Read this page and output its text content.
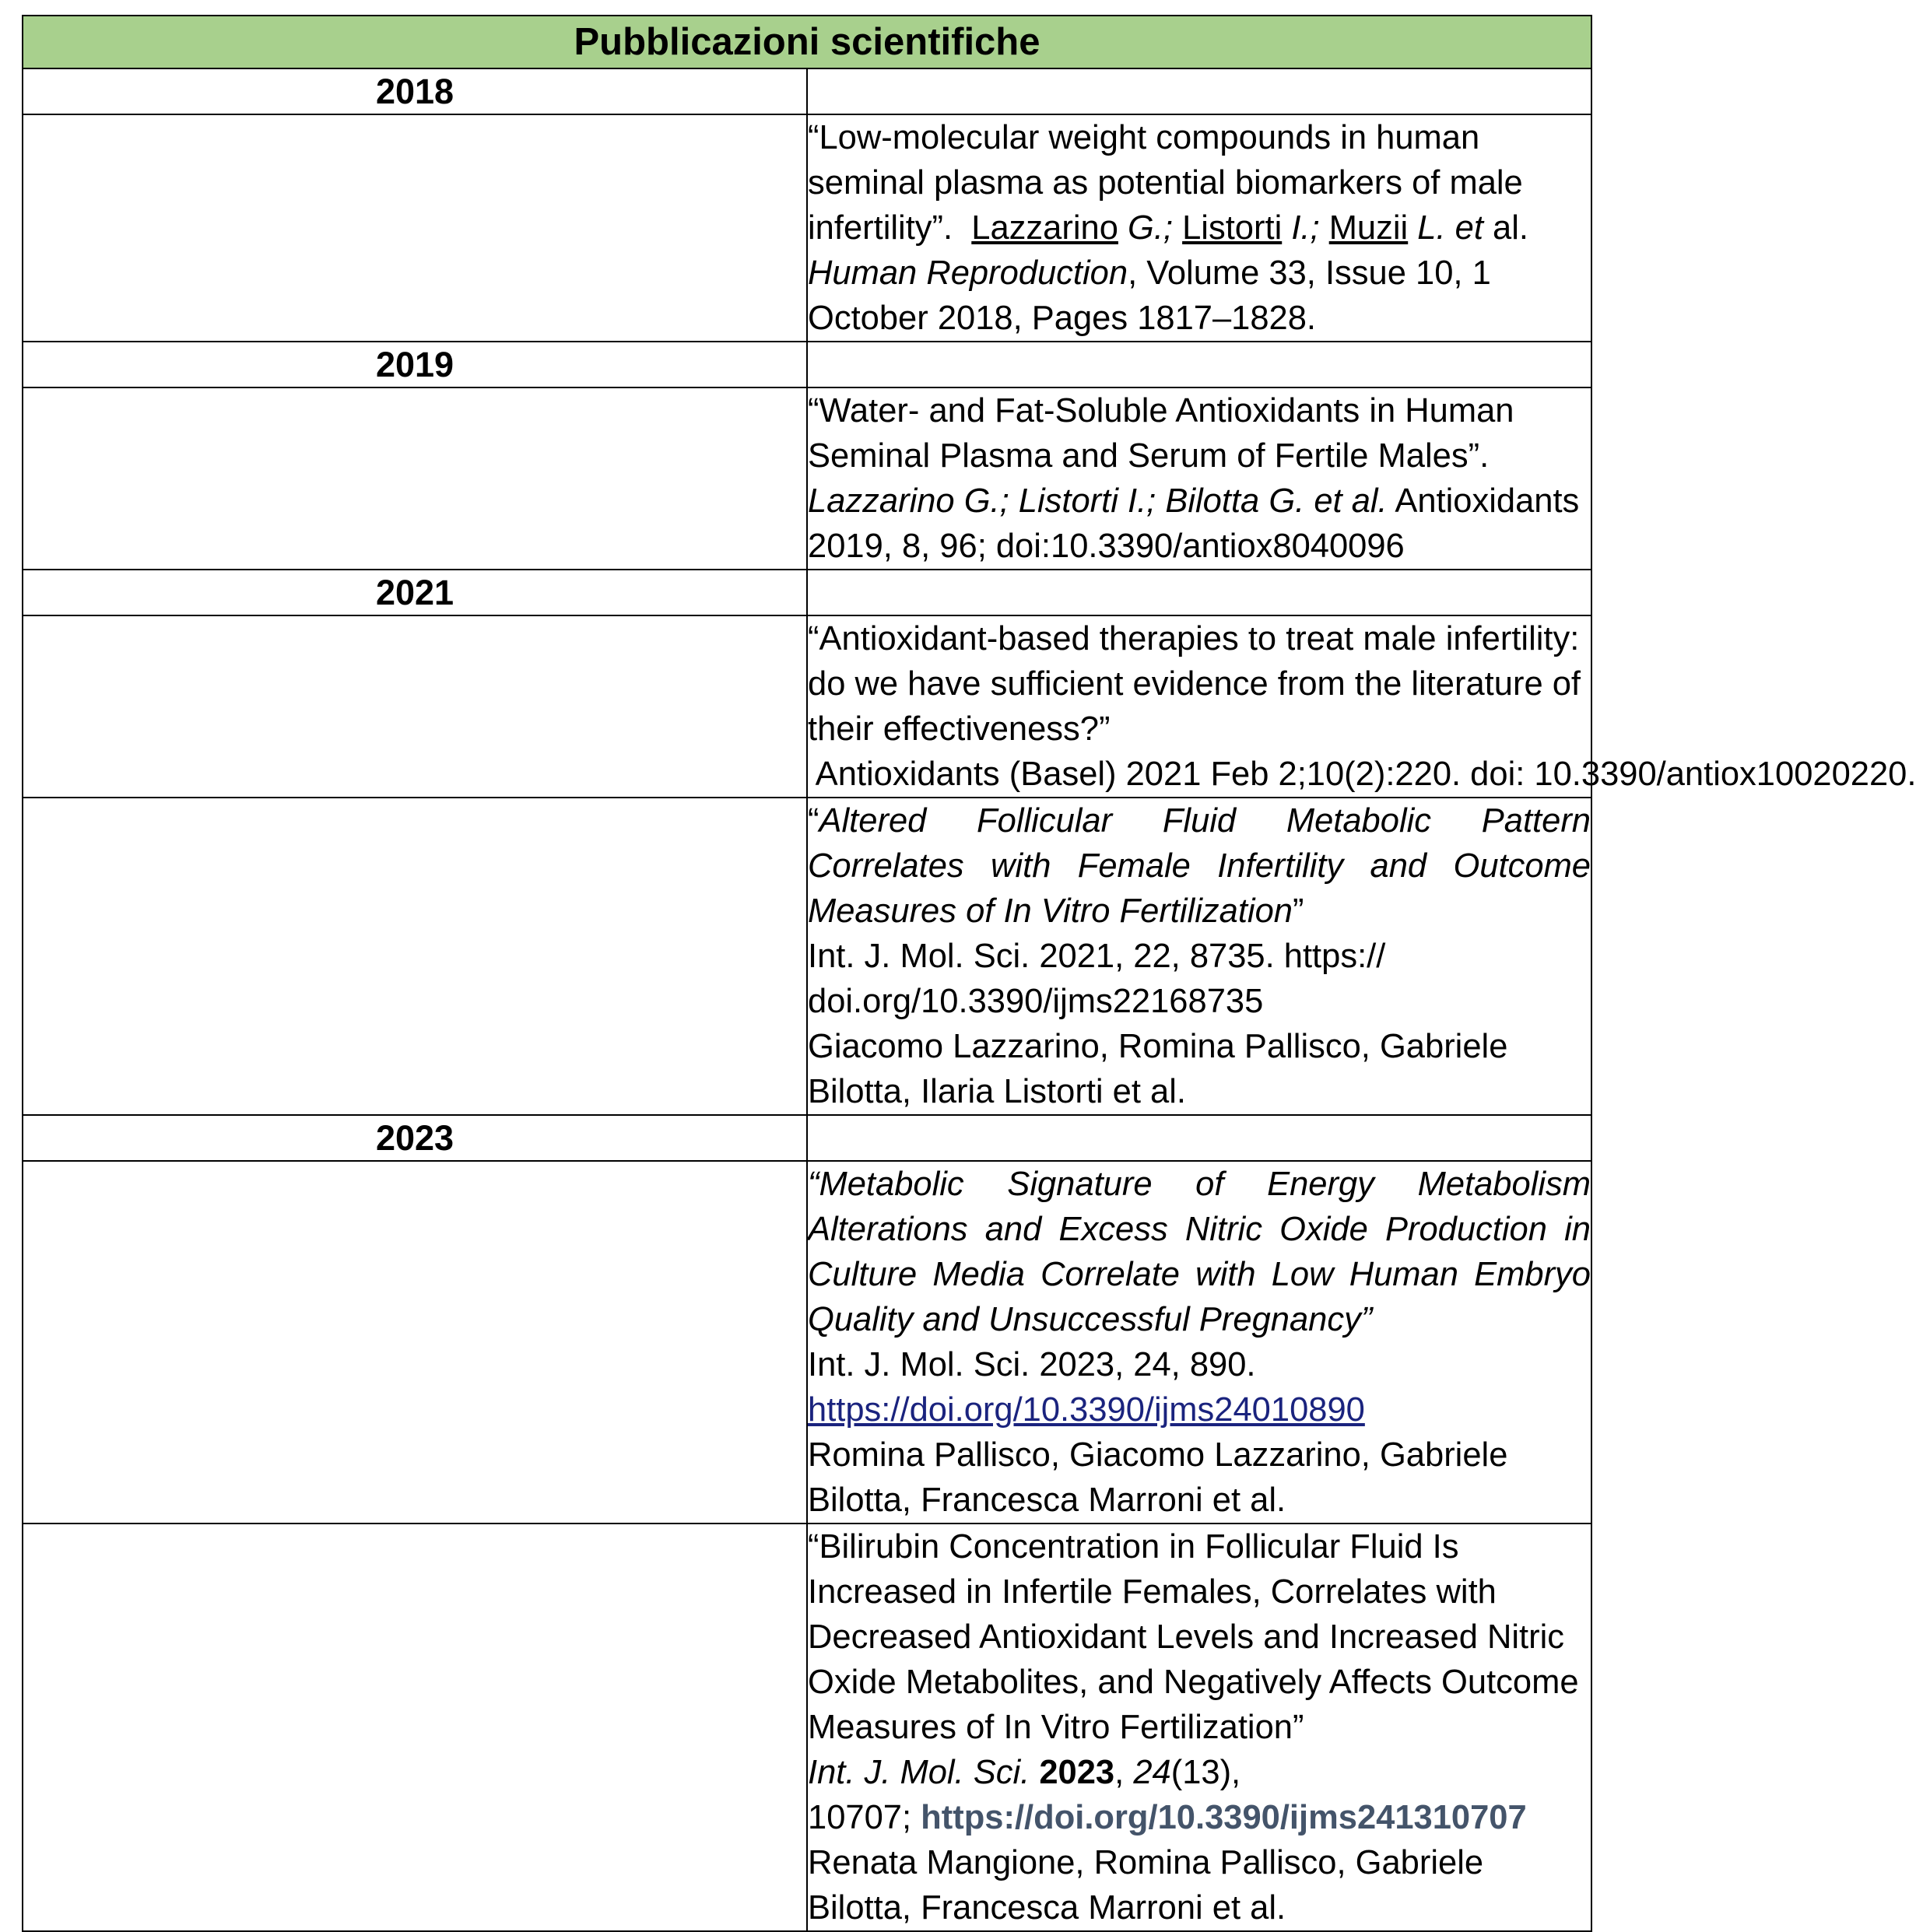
Pubblicazioni scientifiche	
2018	
	“Low-molecular weight compounds in human seminal plasma as potential biomarkers of male infertility”. Lazzarino G.; Listorti I.; Muzii L. et al. Human Reproduction, Volume 33, Issue 10, 1 October 2018, Pages 1817–1828.
2019	
	“Water- and Fat-Soluble Antioxidants in Human Seminal Plasma and Serum of Fertile Males”. Lazzarino G.; Listorti I.; Bilotta G. et al. Antioxidants 2019, 8, 96; doi:10.3390/antiox8040096
2021	

	“Antioxidant-based therapies to treat male infertility: do we have sufficient evidence from the literature of their effectiveness?”
Antioxidants (Basel) 2021 Feb 2;10(2):220. doi: 10.3390/antiox10020220.

	“Altered Follicular Fluid Metabolic Pattern Correlates with Female Infertility and Outcome Measures of In Vitro Fertilization”
Int. J. Mol. Sci. 2021, 22, 8735. https:// doi.org/10.3390/ijms22168735
Giacomo Lazzarino, Romina Pallisco, Gabriele Bilotta, Ilaria Listorti et al.

2023	

	“Metabolic Signature of Energy Metabolism Alterations and Excess Nitric Oxide Production in Culture Media Correlate with Low Human Embryo Quality and Unsuccessful Pregnancy”
Int. J. Mol. Sci. 2023, 24, 890. https://doi.org/10.3390/ijms24010890
Romina Pallisco, Giacomo Lazzarino, Gabriele Bilotta, Francesca Marroni et al.

	“Bilirubin Concentration in Follicular Fluid Is Increased in Infertile Females, Correlates with Decreased Antioxidant Levels and Increased Nitric Oxide Metabolites, and Negatively Affects Outcome Measures of In Vitro Fertilization”
Int. J. Mol. Sci. 2023, 24(13),
10707; https://doi.org/10.3390/ijms241310707
Renata Mangione, Romina Pallisco, Gabriele Bilotta, Francesca Marroni et al.
